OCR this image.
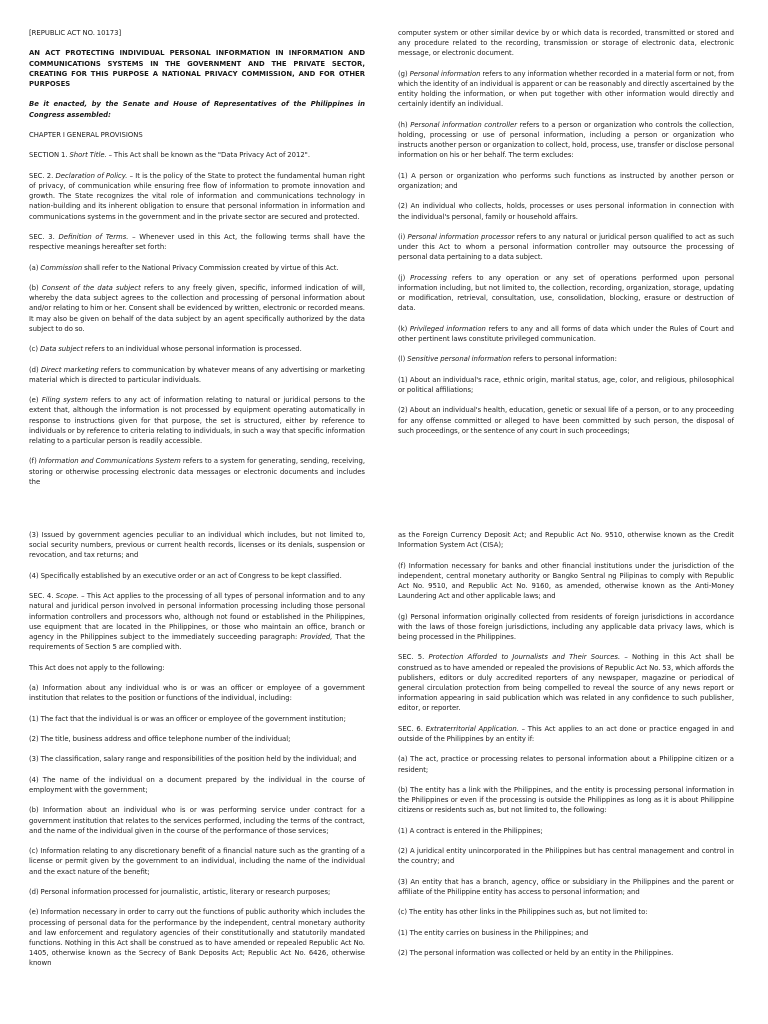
[REPUBLIC ACT NO. 10173]

AN ACT PROTECTING INDIVIDUAL PERSONAL INFORMATION IN INFORMATION AND COMMUNICATIONS SYSTEMS IN THE GOVERNMENT AND THE PRIVATE SECTOR, CREATING FOR THIS PURPOSE A NATIONAL PRIVACY COMMISSION, AND FOR OTHER PURPOSES

Be it enacted, by the Senate and House of Representatives of the Philippines in Congress assembled:

CHAPTER I GENERAL PROVISIONS

SECTION 1. Short Title. – This Act shall be known as the "Data Privacy Act of 2012".

SEC. 2. Declaration of Policy. – It is the policy of the State to protect the fundamental human right of privacy, of communication while ensuring free flow of information to promote innovation and growth. The State recognizes the vital role of information and communications technology in nation-building and its inherent obligation to ensure that personal information in information and communications systems in the government and in the private sector are secured and protected.

SEC. 3. Definition of Terms. – Whenever used in this Act, the following terms shall have the respective meanings hereafter set forth:

(a) Commission shall refer to the National Privacy Commission created by virtue of this Act.

(b) Consent of the data subject refers to any freely given, specific, informed indication of will, whereby the data subject agrees to the collection and processing of personal information about and/or relating to him or her. Consent shall be evidenced by written, electronic or recorded means. It may also be given on behalf of the data subject by an agent specifically authorized by the data subject to do so.

(c) Data subject refers to an individual whose personal information is processed.

(d) Direct marketing refers to communication by whatever means of any advertising or marketing material which is directed to particular individuals.

(e) Filing system refers to any act of information relating to natural or juridical persons to the extent that, although the information is not processed by equipment operating automatically in response to instructions given for that purpose, the set is structured, either by reference to individuals or by reference to criteria relating to individuals, in such a way that specific information relating to a particular person is readily accessible.

(f) Information and Communications System refers to a system for generating, sending, receiving, storing or otherwise processing electronic data messages or electronic documents and includes the

computer system or other similar device by or which data is recorded, transmitted or stored and any procedure related to the recording, transmission or storage of electronic data, electronic message, or electronic document.

(g) Personal information refers to any information whether recorded in a material form or not, from which the identity of an individual is apparent or can be reasonably and directly ascertained by the entity holding the information, or when put together with other information would directly and certainly identify an individual.

(h) Personal information controller refers to a person or organization who controls the collection, holding, processing or use of personal information, including a person or organization who instructs another person or organization to collect, hold, process, use, transfer or disclose personal information on his or her behalf. The term excludes:

(1) A person or organization who performs such functions as instructed by another person or organization; and

(2) An individual who collects, holds, processes or uses personal information in connection with the individual's personal, family or household affairs.

(i) Personal information processor refers to any natural or juridical person qualified to act as such under this Act to whom a personal information controller may outsource the processing of personal data pertaining to a data subject.

(j) Processing refers to any operation or any set of operations performed upon personal information including, but not limited to, the collection, recording, organization, storage, updating or modification, retrieval, consultation, use, consolidation, blocking, erasure or destruction of data.

(k) Privileged information refers to any and all forms of data which under the Rules of Court and other pertinent laws constitute privileged communication.

(l) Sensitive personal information refers to personal information:

(1) About an individual's race, ethnic origin, marital status, age, color, and religious, philosophical or political affiliations;

(2) About an individual's health, education, genetic or sexual life of a person, or to any proceeding for any offense committed or alleged to have been committed by such person, the disposal of such proceedings, or the sentence of any court in such proceedings;

(3) Issued by government agencies peculiar to an individual which includes, but not limited to, social security numbers, previous or current health records, licenses or its denials, suspension or revocation, and tax returns; and

(4) Specifically established by an executive order or an act of Congress to be kept classified.

SEC. 4. Scope. – This Act applies to the processing of all types of personal information and to any natural and juridical person involved in personal information processing including those personal information controllers and processors who, although not found or established in the Philippines, use equipment that are located in the Philippines, or those who maintain an office, branch or agency in the Philippines subject to the immediately succeeding paragraph: Provided, That the requirements of Section 5 are complied with.

This Act does not apply to the following:

(a) Information about any individual who is or was an officer or employee of a government institution that relates to the position or functions of the individual, including:

(1) The fact that the individual is or was an officer or employee of the government institution;

(2) The title, business address and office telephone number of the individual;

(3) The classification, salary range and responsibilities of the position held by the individual; and

(4) The name of the individual on a document prepared by the individual in the course of employment with the government;

(b) Information about an individual who is or was performing service under contract for a government institution that relates to the services performed, including the terms of the contract, and the name of the individual given in the course of the performance of those services;

(c) Information relating to any discretionary benefit of a financial nature such as the granting of a license or permit given by the government to an individual, including the name of the individual and the exact nature of the benefit;

(d) Personal information processed for journalistic, artistic, literary or research purposes;

(e) Information necessary in order to carry out the functions of public authority which includes the processing of personal data for the performance by the independent, central monetary authority and law enforcement and regulatory agencies of their constitutionally and statutorily mandated functions. Nothing in this Act shall be construed as to have amended or repealed Republic Act No. 1405, otherwise known as the Secrecy of Bank Deposits Act; Republic Act No. 6426, otherwise known

as the Foreign Currency Deposit Act; and Republic Act No. 9510, otherwise known as the Credit Information System Act (CISA);

(f) Information necessary for banks and other financial institutions under the jurisdiction of the independent, central monetary authority or Bangko Sentral ng Pilipinas to comply with Republic Act No. 9510, and Republic Act No. 9160, as amended, otherwise known as the Anti-Money Laundering Act and other applicable laws; and

(g) Personal information originally collected from residents of foreign jurisdictions in accordance with the laws of those foreign jurisdictions, including any applicable data privacy laws, which is being processed in the Philippines.

SEC. 5. Protection Afforded to Journalists and Their Sources. – Nothing in this Act shall be construed as to have amended or repealed the provisions of Republic Act No. 53, which affords the publishers, editors or duly accredited reporters of any newspaper, magazine or periodical of general circulation protection from being compelled to reveal the source of any news report or information appearing in said publication which was related in any confidence to such publisher, editor, or reporter.

SEC. 6. Extraterritorial Application. – This Act applies to an act done or practice engaged in and outside of the Philippines by an entity if:

(a) The act, practice or processing relates to personal information about a Philippine citizen or a resident;

(b) The entity has a link with the Philippines, and the entity is processing personal information in the Philippines or even if the processing is outside the Philippines as long as it is about Philippine citizens or residents such as, but not limited to, the following:

(1) A contract is entered in the Philippines;

(2) A juridical entity unincorporated in the Philippines but has central management and control in the country; and

(3) An entity that has a branch, agency, office or subsidiary in the Philippines and the parent or affiliate of the Philippine entity has access to personal information; and

(c) The entity has other links in the Philippines such as, but not limited to:

(1) The entity carries on business in the Philippines; and

(2) The personal information was collected or held by an entity in the Philippines.
